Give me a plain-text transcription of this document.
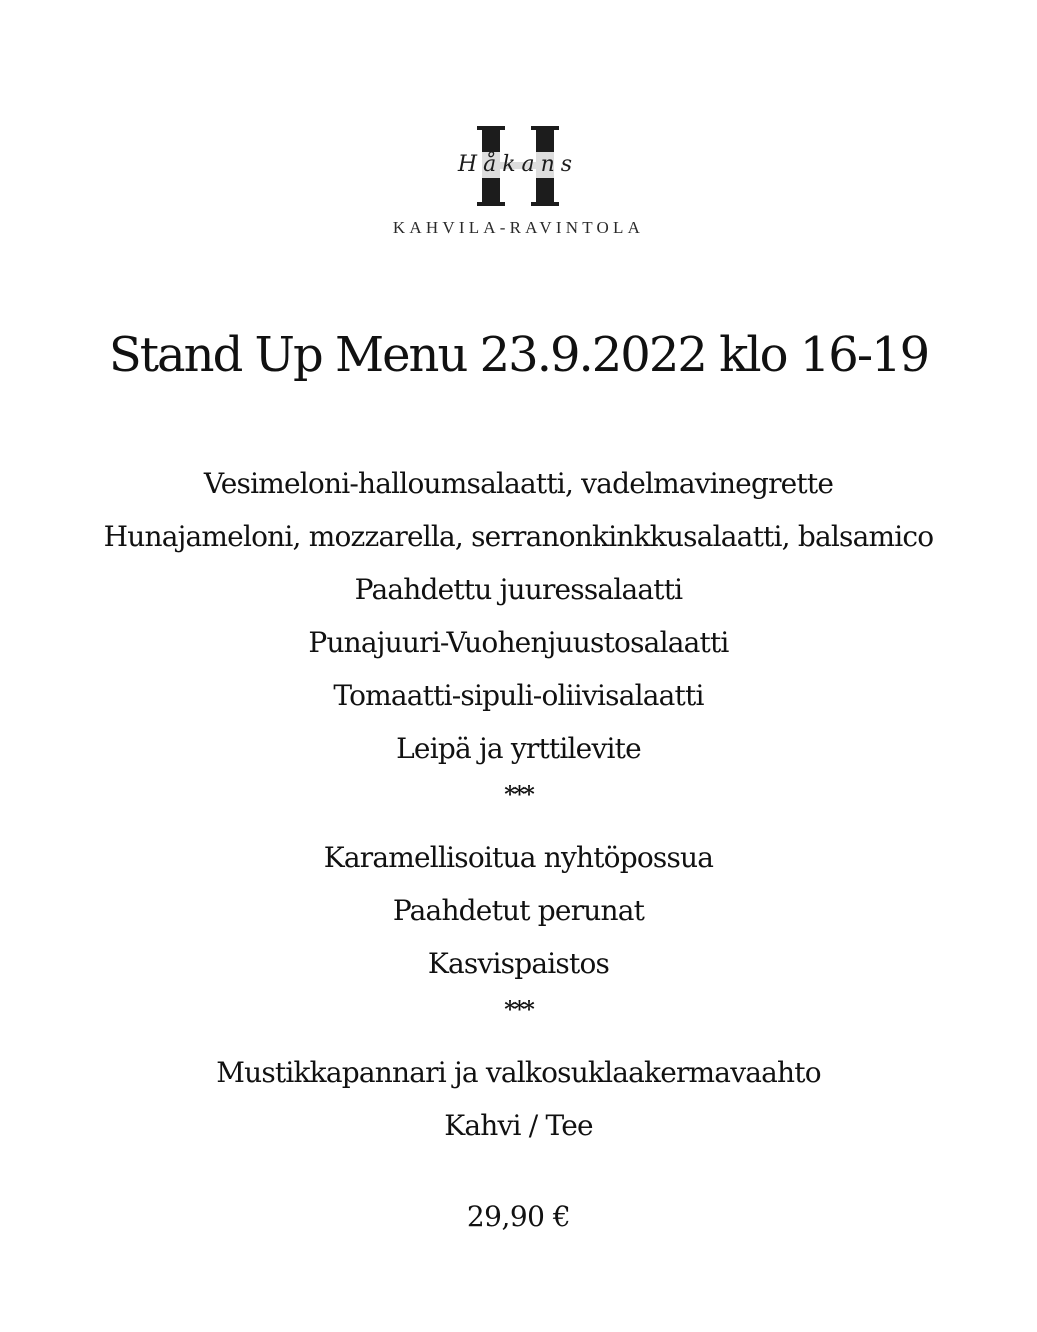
Håkans
KAHVILA-RAVINTOLA
Stand Up Menu 23.9.2022 klo 16-19
Vesimeloni-halloumsalaatti, vadelmavinegrette
Hunajameloni, mozzarella, serranonkinkkusalaatti, balsamico
Paahdettu juuressalaatti
Punajuuri-Vuohenjuustosalaatti
Tomaatti-sipuli-oliivisalaatti
Leipä ja yrttilevite
***
Karamellisoitua nyhtöpossua
Paahdetut perunat
Kasvispaistos
***
Mustikkapannari ja valkosuklaakermavaahto
Kahvi / Tee
29,90 €
